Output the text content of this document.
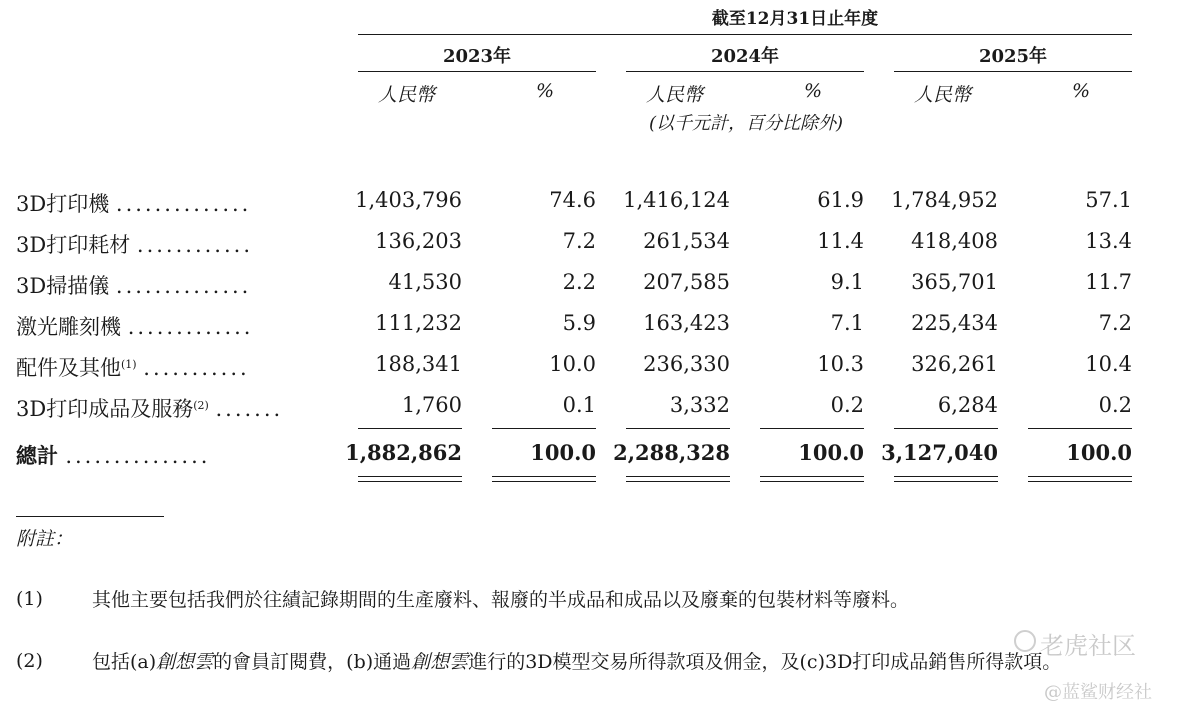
截至12月31日止年度
2023年	2024年	2025年
人民幣	%	人民幣	%	人民幣	%
(以千元計，百分比除外)
3D打印機 ..............	1,403,796	74.6	1,416,124	61.9	1,784,952	57.1
3D打印耗材 ............	136,203	7.2	261,534	11.4	418,408	13.4
3D掃描儀 ..............	41,530	2.2	207,585	9.1	365,701	11.7
激光雕刻機 .............	111,232	5.9	163,423	7.1	225,434	7.2
配件及其他$^{(1)}$ ...........	188,341	10.0	236,330	10.3	326,261	10.4
3D打印成品及服務$^{(2)}$ .......	1,760	0.1	3,332	0.2	6,284	0.2
總計 ...............	1,882,862	100.0 2,288,328	100.0 3,127,040	100.0
附註：
(1)	其他主要包括我們於往績記錄期間的生產廢料、報廢的半成品和成品以及廢棄的包裝材料等廢料。
(2)	包括(a)創想雲的會員訂閱費，(b)通過創想雲進行的3D模型交易所得款項及佣金，及(c)3D打印成品銷售所得款項。
老虎社区
@蓝鲨财经社
